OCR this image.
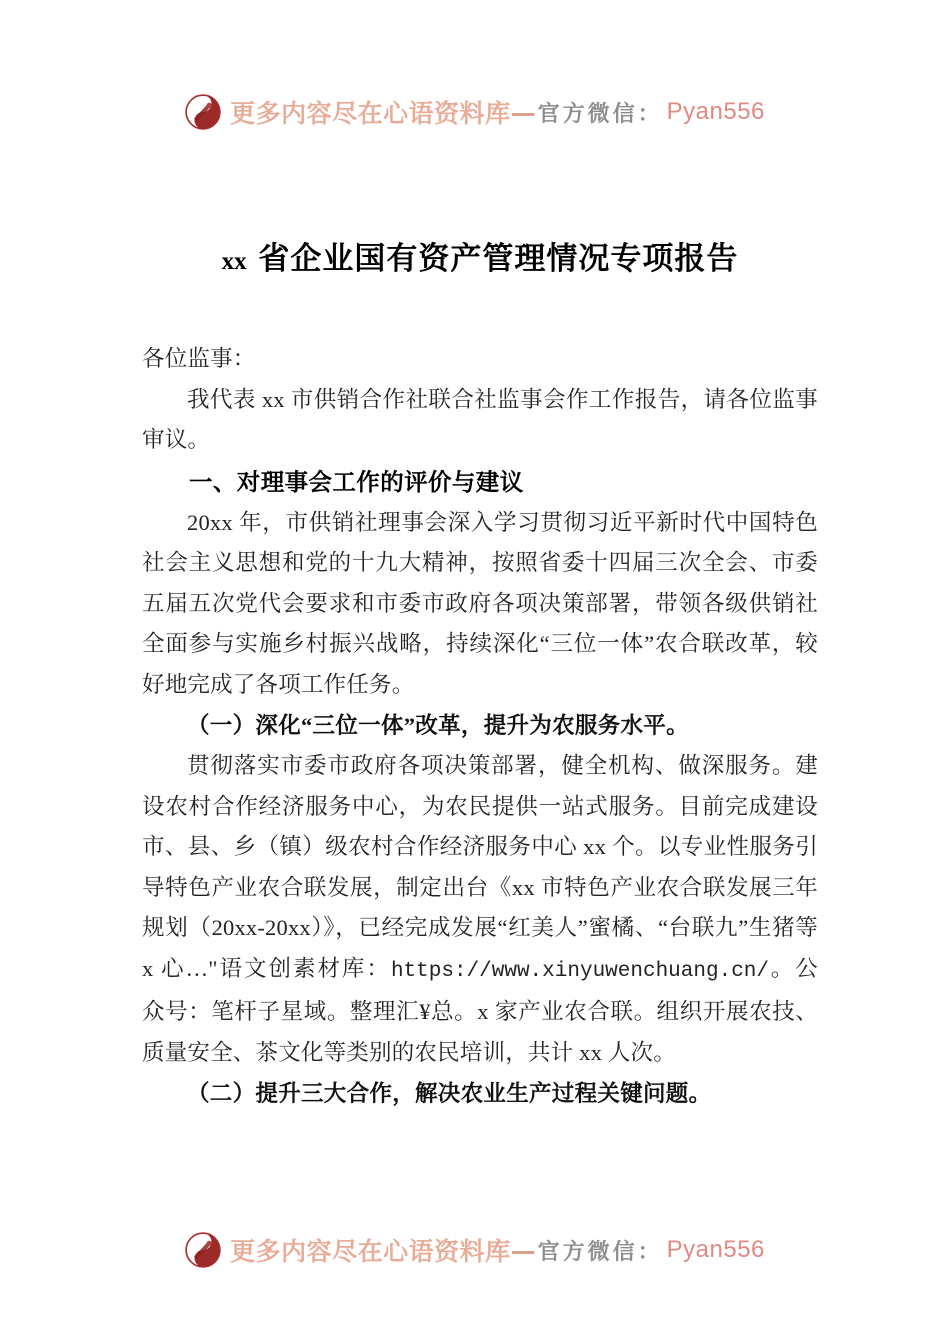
更多内容尽在心语资料库 — 官方微信： Pyan556
xx 省企业国有资产管理情况专项报告

各位监事：

我代表 xx 市供销合作社联合社监事会作工作报告，请各位监事审议。

一、对理事会工作的评价与建议

20xx 年，市供销社理事会深入学习贯彻习近平新时代中国特色社会主义思想和党的十九大精神，按照省委十四届三次全会、市委五届五次党代会要求和市委市政府各项决策部署，带领各级供销社全面参与实施乡村振兴战略，持续深化“三位一体”农合联改革，较好地完成了各项工作任务。

（一）深化“三位一体”改革，提升为农服务水平。

贯彻落实市委市政府各项决策部署，健全机构、做深服务。建设农村合作经济服务中心，为农民提供一站式服务。目前完成建设市、县、乡（镇）级农村合作经济服务中心 xx 个。以专业性服务引导特色产业农合联发展，制定出台《xx 市特色产业农合联发展三年规划（20xx-20xx）》，已经完成发展“红美人”蜜橘、“台联九”生猪等 x 心…"语文创素材库：https://www.xinyuwenchuang.cn/。公众号：笔杆子星域。整理汇¥总。x 家产业农合联。组织开展农技、质量安全、茶文化等类别的农民培训，共计 xx 人次。

（二）提升三大合作，解决农业生产过程关键问题。
更多内容尽在心语资料库 — 官方微信： Pyan556
